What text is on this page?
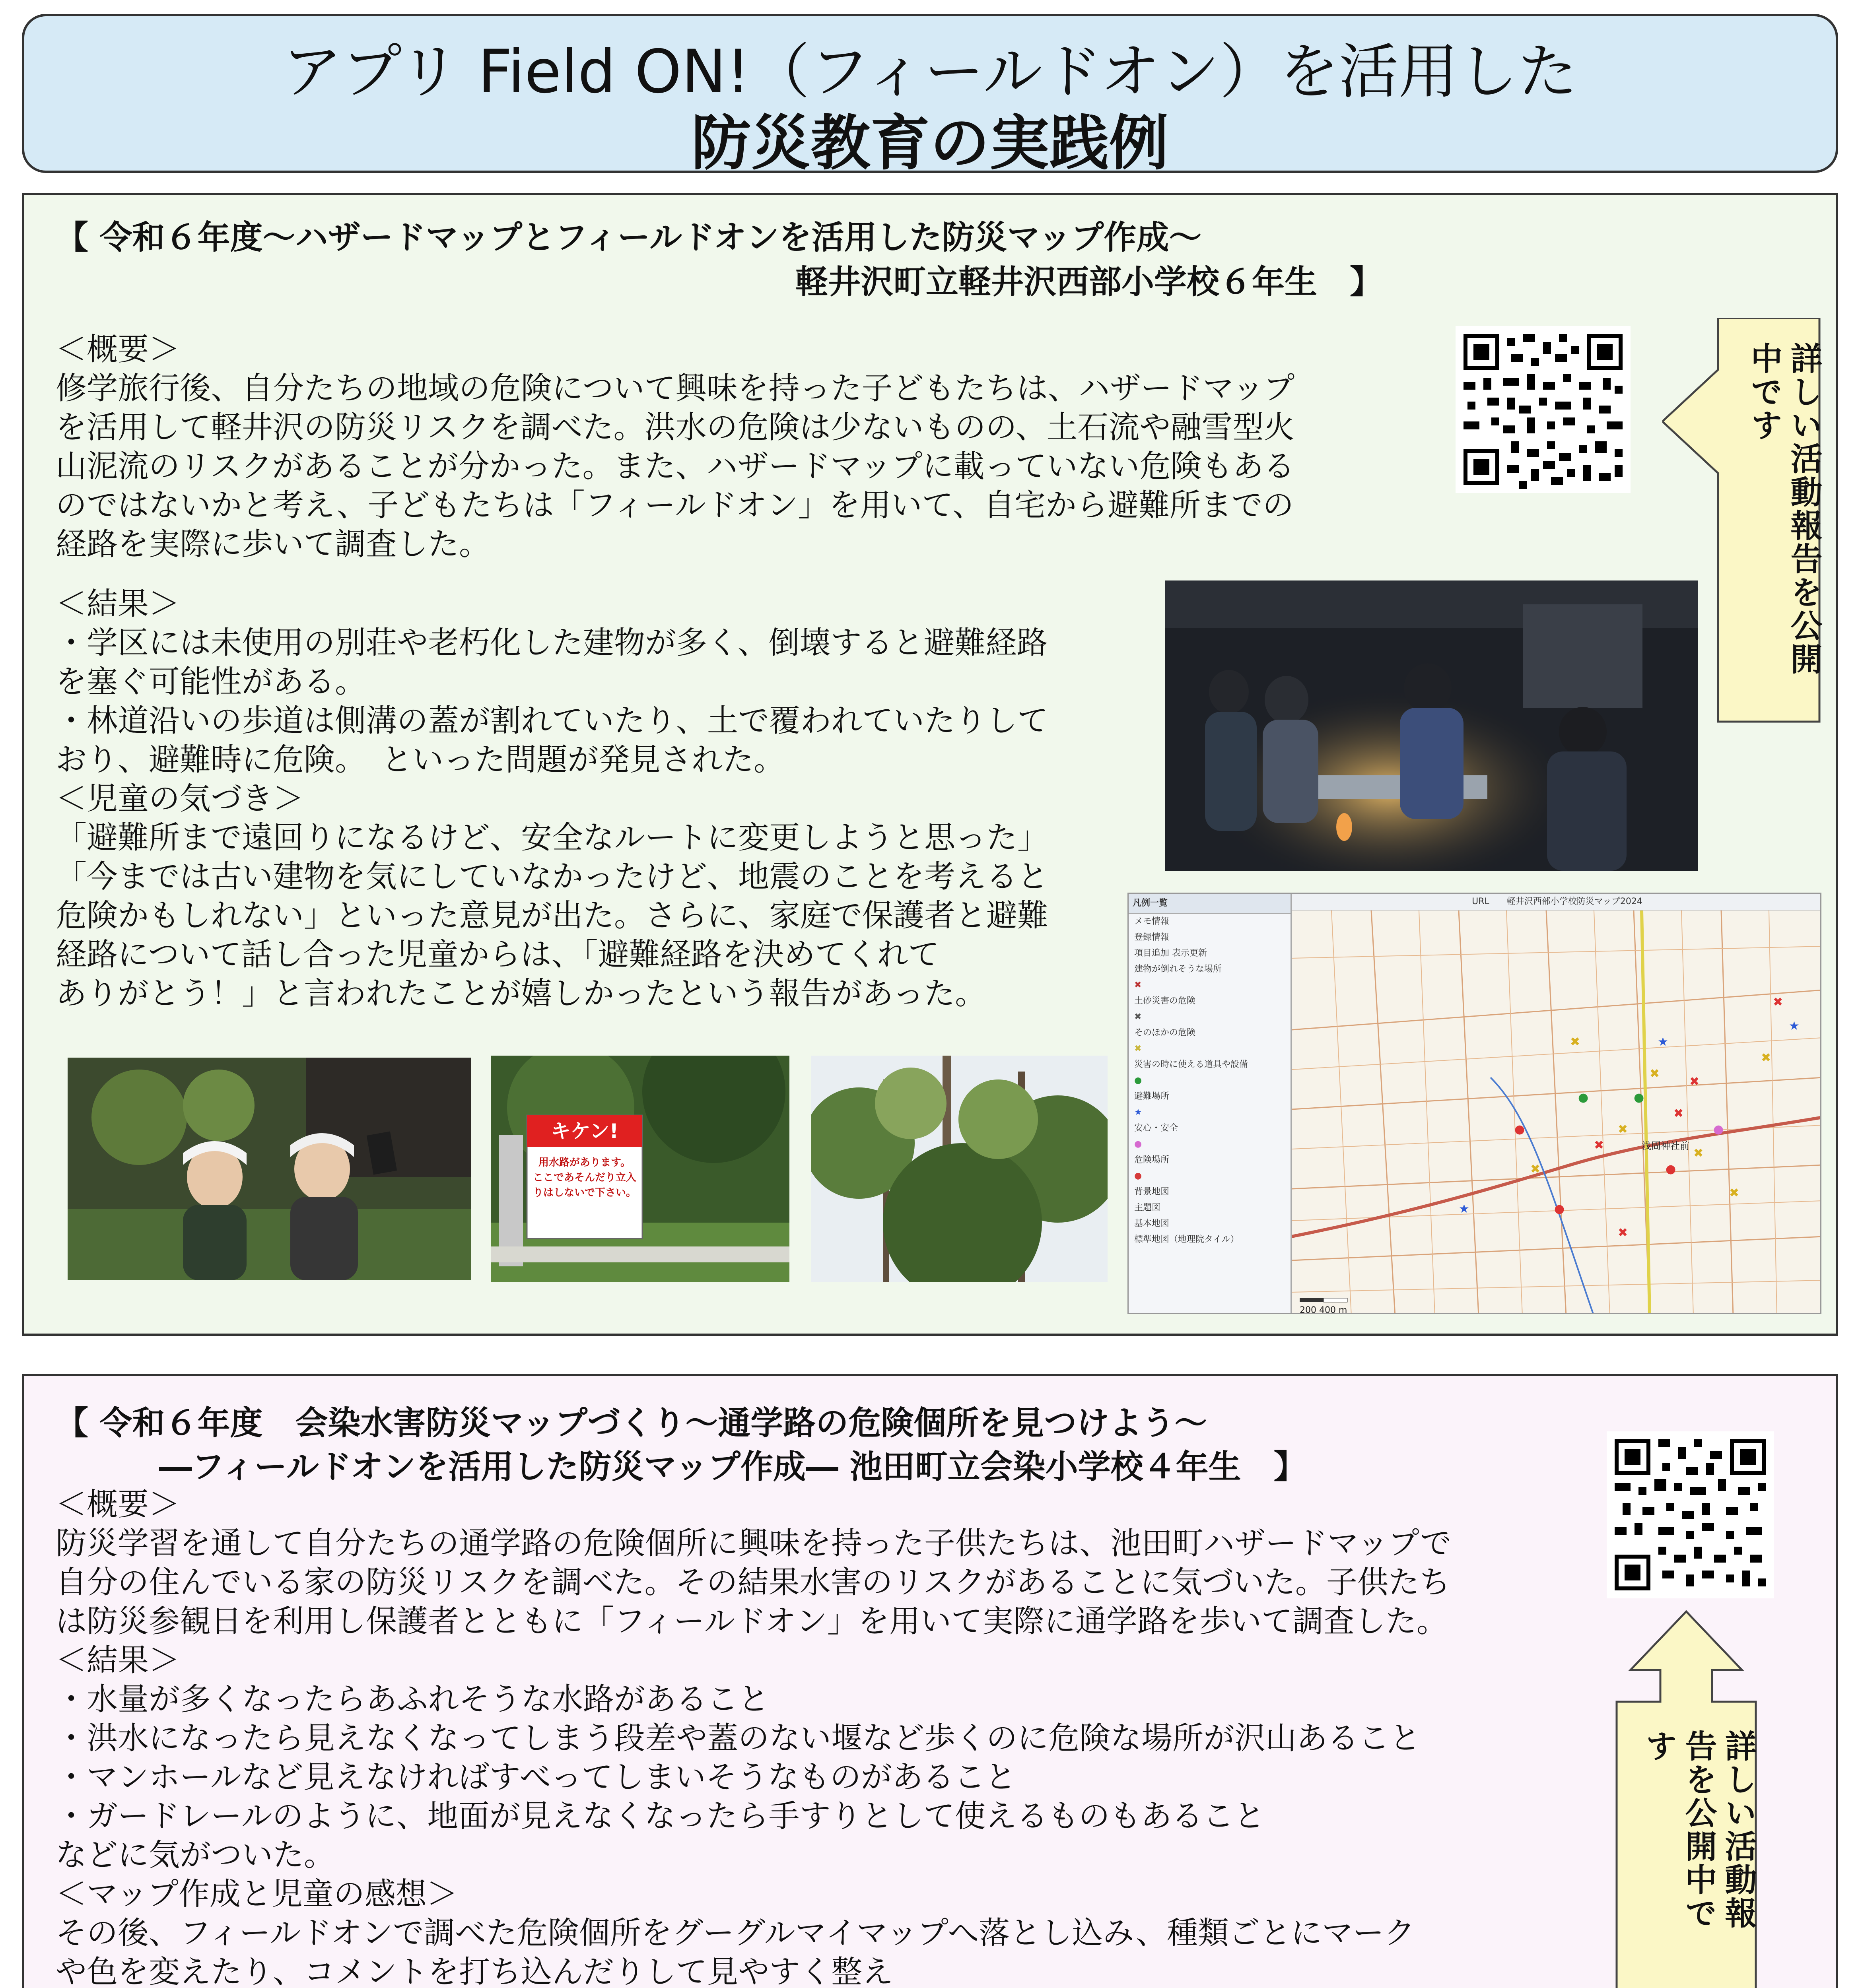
アプリ Field ON!（フィールドオン）を活用した
防災教育の実践例
【 令和６年度～ハザードマップとフィールドオンを活用した防災マップ作成～
軽井沢町立軽井沢西部小学校６年生　】

＜概要＞

修学旅行後、自分たちの地域の危険について興味を持った子どもたちは、ハザードマップ

を活用して軽井沢の防災リスクを調べた。洪水の危険は少ないものの、土石流や融雪型火

山泥流のリスクがあることが分かった。また、ハザードマップに載っていない危険もある

のではないかと考え、子どもたちは「フィールドオン」を用いて、自宅から避難所までの

経路を実際に歩いて調査した。

＜結果＞

・学区には未使用の別荘や老朽化した建物が多く、倒壊すると避難経路

を塞ぐ可能性がある。

・林道沿いの歩道は側溝の蓋が割れていたり、土で覆われていたりして

おり、避難時に危険。　といった問題が発見された。

＜児童の気づき＞

「避難所まで遠回りになるけど、安全なルートに変更しようと思った」

「今までは古い建物を気にしていなかったけど、地震のことを考えると

危険かもしれない」といった意見が出た。さらに、家庭で保護者と避難

経路について話し合った児童からは、「避難経路を決めてくれて

ありがとう！」と言われたことが嬉しかったという報告があった。

詳しい活動報告を公開中です
凡例一覧
メモ情報
登録情報
項目追加 表示更新
建物が倒れそうな場所
✖
土砂災害の危険
✖
そのほかの危険
✖
災害の時に使える道具や設備
●
避難場所
★
安心・安全
●
危険場所
●
背景地図
主題図
基本地図
標準地図（地理院タイル）
URL　　 軽井沢西部小学校防災マップ2024
✖
✖
✖
✖
✖
✖
✖
✖
✖
✖
✖
✖
★
★
★
●
●
●
●
●
●
浅間神社前
200 400 m
キケン!
用水路があります。
ここであそんだり立入
りはしないで下さい。
【 令和６年度　会染水害防災マップづくり～通学路の危険個所を見つけよう～
―フィールドオンを活用した防災マップ作成― 池田町立会染小学校４年生　】

＜概要＞

防災学習を通して自分たちの通学路の危険個所に興味を持った子供たちは、池田町ハザードマップで

自分の住んでいる家の防災リスクを調べた。その結果水害のリスクがあることに気づいた。子供たち

は防災参観日を利用し保護者とともに「フィールドオン」を用いて実際に通学路を歩いて調査した。

＜結果＞

・水量が多くなったらあふれそうな水路があること

・洪水になったら見えなくなってしまう段差や蓋のない堰など歩くのに危険な場所が沢山あること

・マンホールなど見えなければすべってしまいそうなものがあること

・ガードレールのように、地面が見えなくなったら手すりとして使えるものもあること

などに気がついた。

＜マップ作成と児童の感想＞

その後、フィールドオンで調べた危険個所をグーグルマイマップへ落とし込み、種類ごとにマーク

や色を変えたり、コメントを打ち込んだりして見やすく整え

詳しい活動報告を公開中です
